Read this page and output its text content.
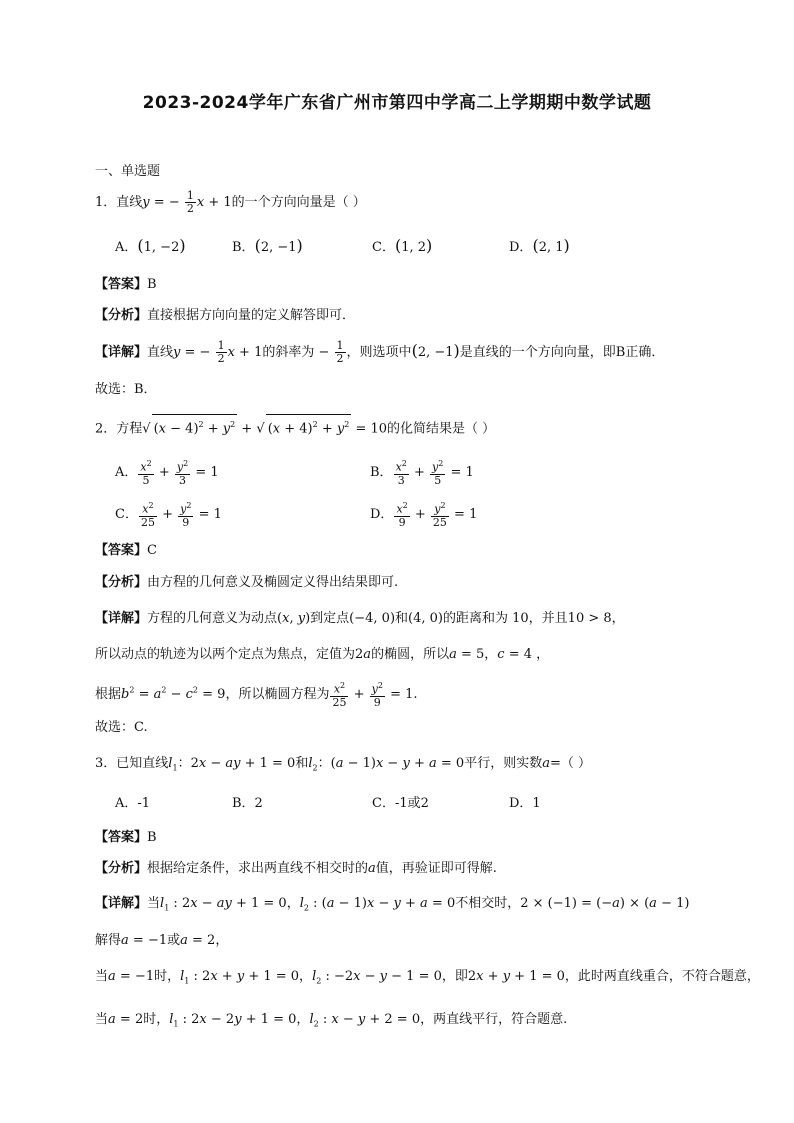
2023-2024学年广东省广州市第四中学高二上学期期中数学试题
一、单选题
1．直线y = − $\frac{1}{2}$ x + 1的一个方向向量是（ ）
A．(1, −2)	B．(2, −1)	C．(1, 2)	D．(2, 1)
【答案】B
【分析】直接根据方向向量的定义解答即可．
【详解】直线y = − $\frac{1}{2}$ x + 1的斜率为 − $\frac{1}{2}$ ，则选项中(2, −1)是直线的一个方向向量，即B正确．
故选：B．
2．方程√ $(x - 4)^2 + y^2$ + √ $(x + 4)^2 + y^2 = 10$的化简结果是（ ）
A． $\frac{x^2}{5} + \frac{y^2}{3} = 1$	B． $\frac{x^2}{3} + \frac{y^2}{5} = 1$
C． $\frac{x^2}{25} + \frac{y^2}{9} = 1$	D． $\frac{x^2}{9} + \frac{y^2}{25} = 1$
【答案】C
【分析】由方程的几何意义及椭圆定义得出结果即可.
【详解】方程的几何意义为动点(x, y)到定点(−4, 0)和(4, 0)的距离和为 10，并且10 > 8，
所以动点的轨迹为以两个定点为焦点，定值为2a的椭圆，所以a = 5，c = 4 ，
根据$b^2 = a^2 - c^2 = 9$，所以椭圆方程为 $\frac{x^2}{25} + \frac{y^2}{9} = 1$.
故选：C.
3．已知直线$l_1$：2x − ay + 1 = 0和$l_2$：(a − 1)x − y + a = 0平行，则实数a=（ ）
A．-1	B．2	C．-1或2	D．1
【答案】B
【分析】根据给定条件，求出两直线不相交时的a值，再验证即可得解.
【详解】当$l_1$ : 2x − ay + 1 = 0，$l_2$ : (a − 1)x − y + a = 0不相交时，2 × (−1) = (−a) × (a − 1)
解得a = −1或a = 2，
当a = −1时，$l_1$ : 2x + y + 1 = 0，$l_2$ : −2x − y − 1 = 0，即2x + y + 1 = 0，此时两直线重合，不符合题意，
当a = 2时，$l_1$ : 2x − 2y + 1 = 0，$l_2$ : x − y + 2 = 0，两直线平行，符合题意.
